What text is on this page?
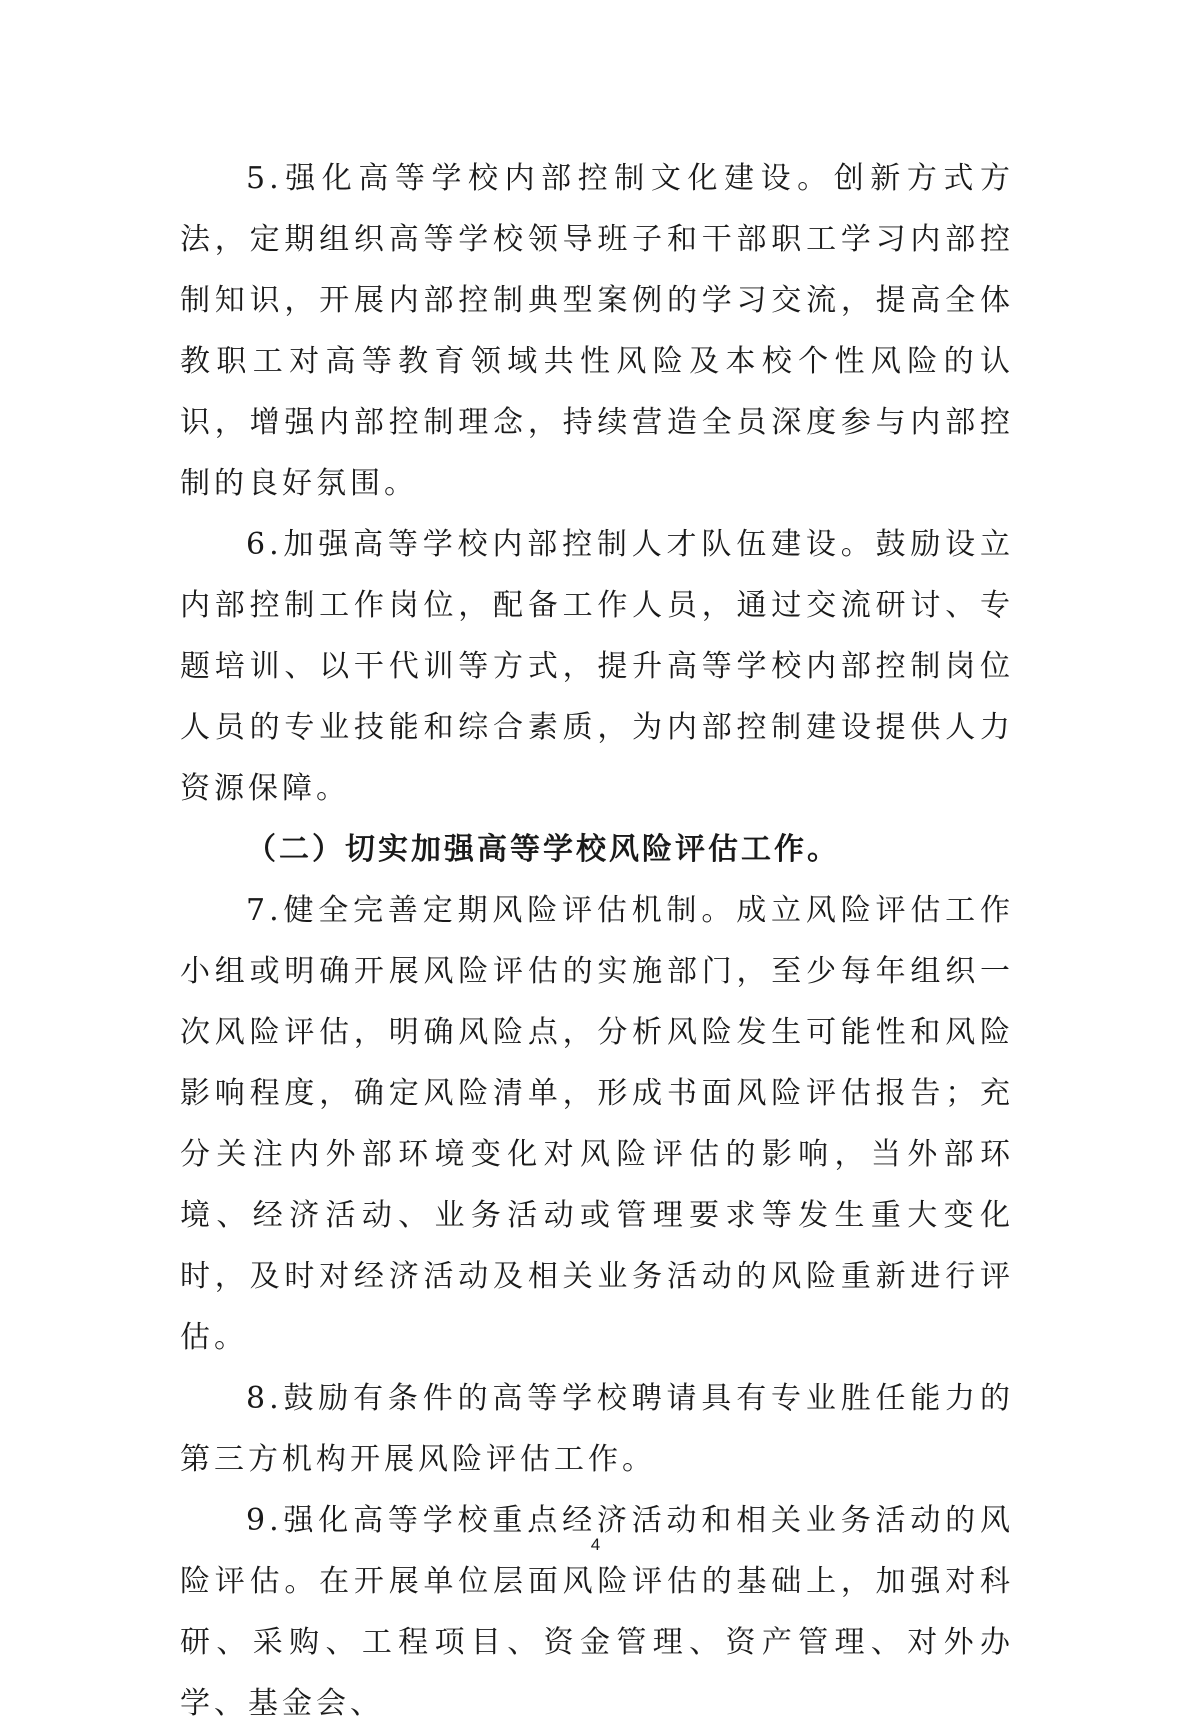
5.强化高等学校内部控制文化建设。创新方式方法，定期组织高等学校领导班子和干部职工学习内部控制知识，开展内部控制典型案例的学习交流，提高全体教职工对高等教育领域共性风险及本校个性风险的认识，增强内部控制理念，持续营造全员深度参与内部控制的良好氛围。

6.加强高等学校内部控制人才队伍建设。鼓励设立内部控制工作岗位，配备工作人员，通过交流研讨、专题培训、以干代训等方式，提升高等学校内部控制岗位人员的专业技能和综合素质，为内部控制建设提供人力资源保障。

（二）切实加强高等学校风险评估工作。

7.健全完善定期风险评估机制。成立风险评估工作小组或明确开展风险评估的实施部门，至少每年组织一次风险评估，明确风险点，分析风险发生可能性和风险影响程度，确定风险清单，形成书面风险评估报告；充分关注内外部环境变化对风险评估的影响，当外部环境、经济活动、业务活动或管理要求等发生重大变化时，及时对经济活动及相关业务活动的风险重新进行评估。

8.鼓励有条件的高等学校聘请具有专业胜任能力的第三方机构开展风险评估工作。

9.强化高等学校重点经济活动和相关业务活动的风险评估。在开展单位层面风险评估的基础上，加强对科研、采购、工程项目、资金管理、资产管理、对外办学、基金会、

4
